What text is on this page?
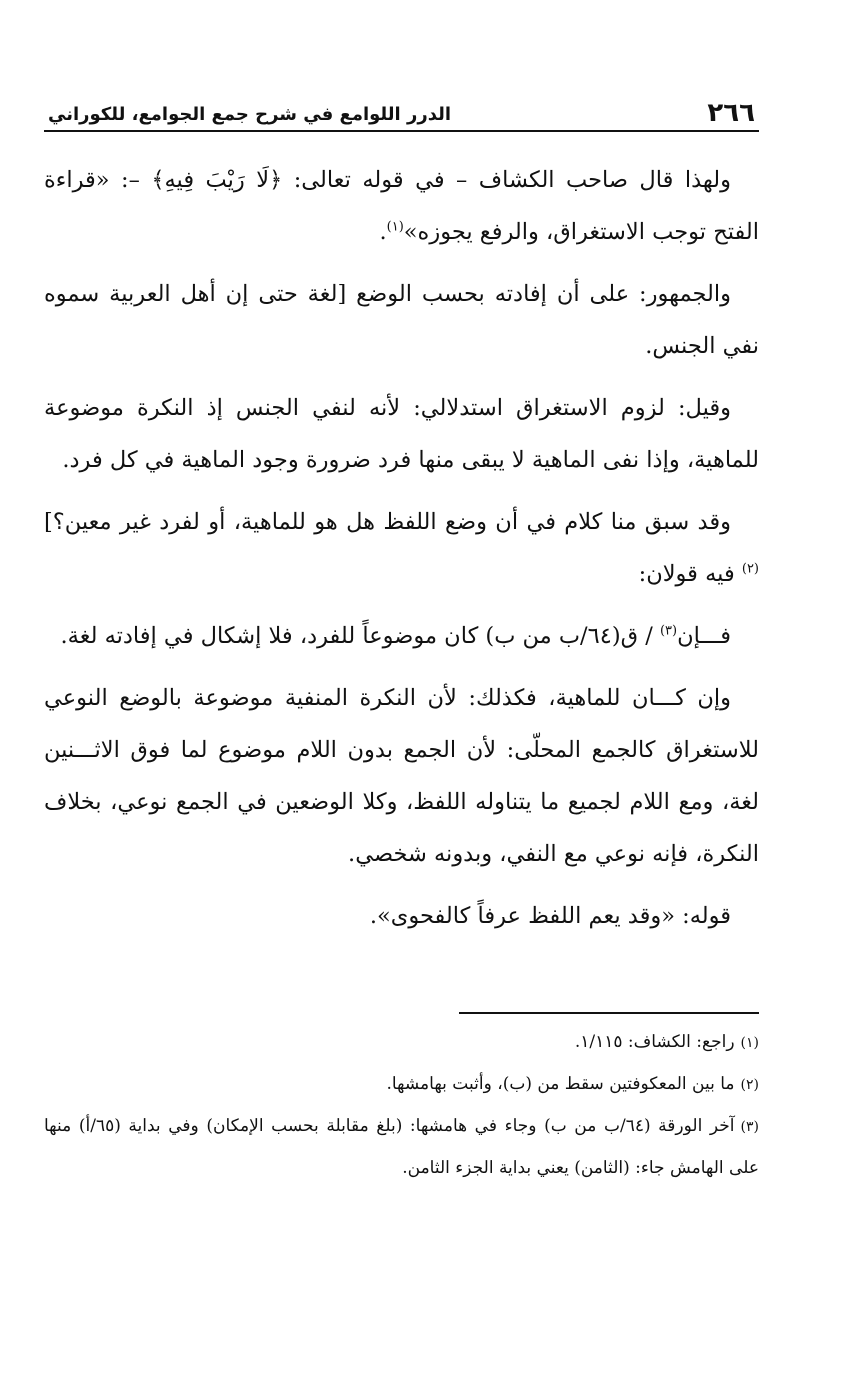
٢٦٦
الدرر اللوامع في شرح جمع الجوامع، للكوراني

ولهذا قال صاحب الكشاف – في قوله تعالى: ﴿لَا رَيْبَ فِيهِ﴾ –: «قراءة الفتح توجب الاستغراق، والرفع يجوزه»$^{(١)}$.

والجمهور: على أن إفادته بحسب الوضع [لغة حتى إن أهل العربية سموه نفي الجنس.

وقيل: لزوم الاستغراق استدلالي: لأنه لنفي الجنس إذ النكرة موضوعة للماهية، وإذا نفى الماهية لا يبقى منها فرد ضرورة وجود الماهية في كل فرد.

وقد سبق منا كلام في أن وضع اللفظ هل هو للماهية، أو لفرد غير معين؟]$^{(٢)}$ فيه قولان:

فـــإن$^{(٣)}$ / ق(٦٤/ب من ب) كان موضوعاً للفرد، فلا إشكال في إفادته لغة.

وإن كـــان للماهية، فكذلك: لأن النكرة المنفية موضوعة بالوضع النوعي للاستغراق كالجمع المحلّى: لأن الجمع بدون اللام موضوع لما فوق الاثـــنين لغة، ومع اللام لجميع ما يتناوله اللفظ، وكلا الوضعين في الجمع نوعي، بخلاف النكرة، فإنه نوعي مع النفي، وبدونه شخصي.

قوله: «وقد يعم اللفظ عرفاً كالفحوى».

(١)راجع: الكشاف: ١/١١٥.

(٢)ما بين المعكوفتين سقط من (ب)، وأثبت بهامشها.

(٣)آخر الورقة (٦٤/ب من ب) وجاء في هامشها: (بلغ مقابلة بحسب الإمكان) وفي بداية (٦٥/أ) منها على الهامش جاء: (الثامن) يعني بداية الجزء الثامن.
